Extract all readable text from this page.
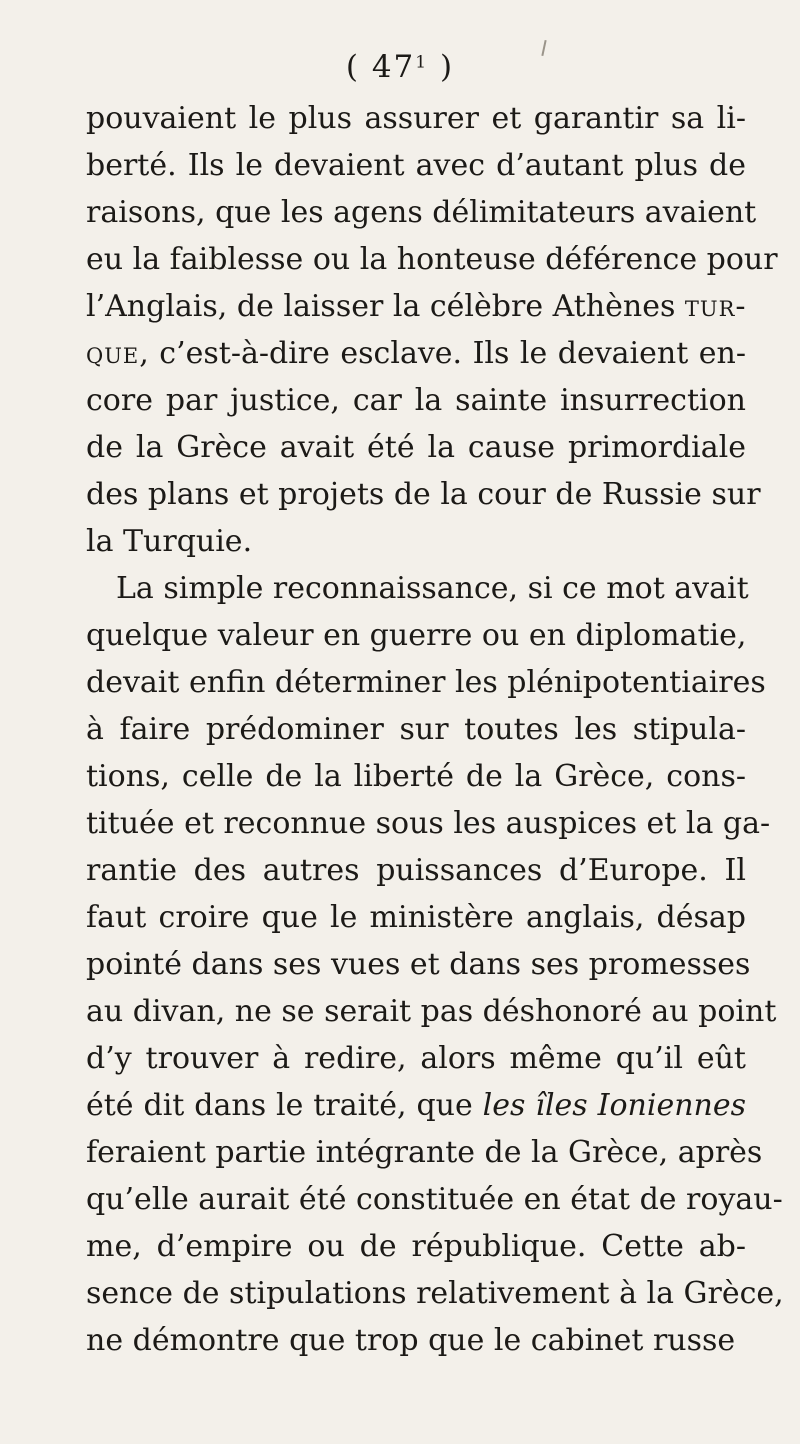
( $47^1$ )
pouvaient le plus assurer et garantir sa li-
berté. Ils le devaient avec d’autant plus de
raisons, que les agens délimitateurs avaient
eu la faiblesse ou la honteuse déférence pour
l’Anglais, de laisser la célèbre Athènes tur-
que, c’est-à-dire esclave. Ils le devaient en-
core par justice, car la sainte insurrection
de la Grèce avait été la cause primordiale
des plans et projets de la cour de Russie sur
la Turquie.
La simple reconnaissance, si ce mot avait
quelque valeur en guerre ou en diplomatie,
devait enfin déterminer les plénipotentiaires
à faire prédominer sur toutes les stipula-
tions, celle de la liberté de la Grèce, cons-
tituée et reconnue sous les auspices et la ga-
rantie des autres puissances d’Europe. Il
faut croire que le ministère anglais, désap
pointé dans ses vues et dans ses promesses
au divan, ne se serait pas déshonoré au point
d’y trouver à redire, alors même qu’il eût
été dit dans le traité, que les îles Ioniennes
feraient partie intégrante de la Grèce, après
qu’elle aurait été constituée en état de royau-
me, d’empire ou de république. Cette ab-
sence de stipulations relativement à la Grèce,
ne démontre que trop que le cabinet russe
